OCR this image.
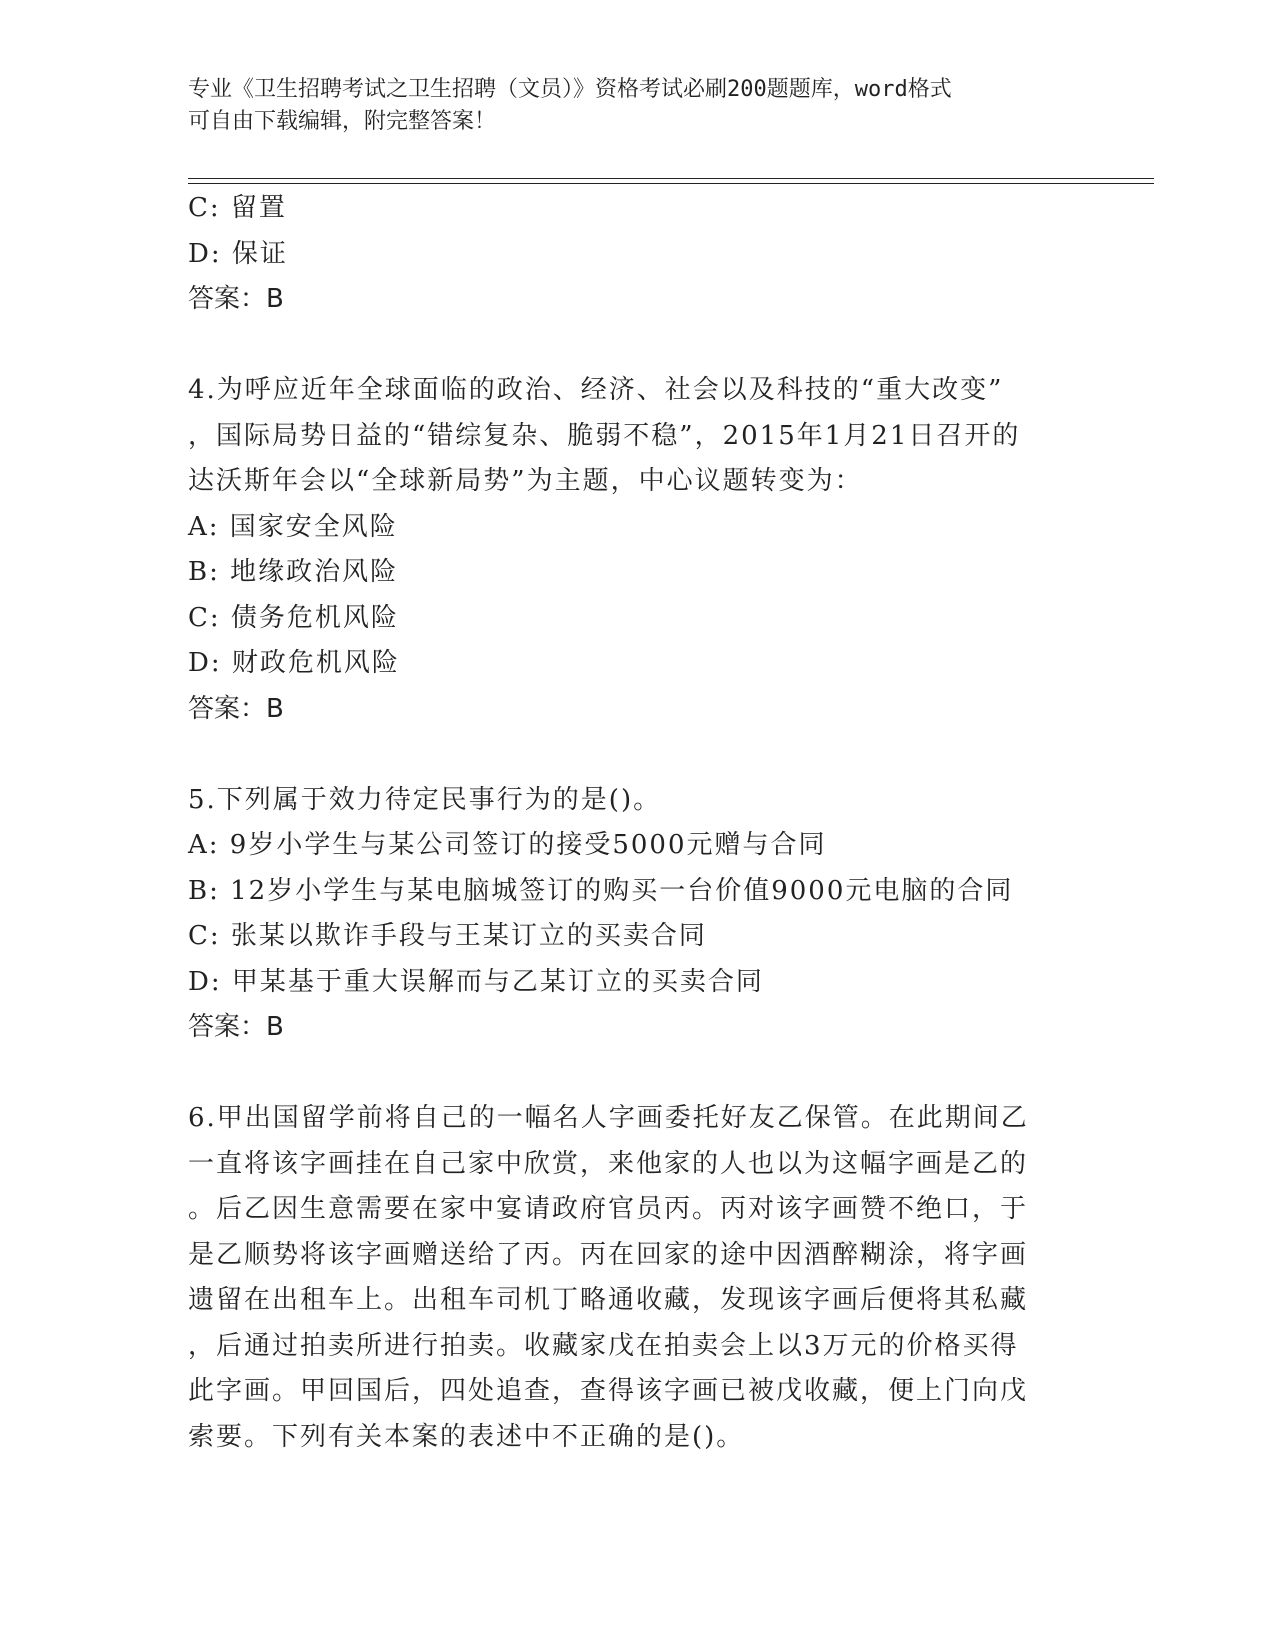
专业《卫生招聘考试之卫生招聘（文员）》资格考试必刷200题题库，word格式
可自由下载编辑，附完整答案！
C: 留置
D: 保证
答案：B
4.为呼应近年全球面临的政治、经济、社会以及科技的“重大改变”
，国际局势日益的“错综复杂、脆弱不稳”，2015年1月21日召开的
达沃斯年会以“全球新局势”为主题，中心议题转变为：
A: 国家安全风险
B: 地缘政治风险
C: 债务危机风险
D: 财政危机风险
答案：B
5.下列属于效力待定民事行为的是()。
A: 9岁小学生与某公司签订的接受5000元赠与合同
B: 12岁小学生与某电脑城签订的购买一台价值9000元电脑的合同
C: 张某以欺诈手段与王某订立的买卖合同
D: 甲某基于重大误解而与乙某订立的买卖合同
答案：B
6.甲出国留学前将自己的一幅名人字画委托好友乙保管。在此期间乙
一直将该字画挂在自己家中欣赏，来他家的人也以为这幅字画是乙的
。后乙因生意需要在家中宴请政府官员丙。丙对该字画赞不绝口，于
是乙顺势将该字画赠送给了丙。丙在回家的途中因酒醉糊涂，将字画
遗留在出租车上。出租车司机丁略通收藏，发现该字画后便将其私藏
，后通过拍卖所进行拍卖。收藏家戊在拍卖会上以3万元的价格买得
此字画。甲回国后，四处追查，查得该字画已被戊收藏，便上门向戊
索要。下列有关本案的表述中不正确的是()。
